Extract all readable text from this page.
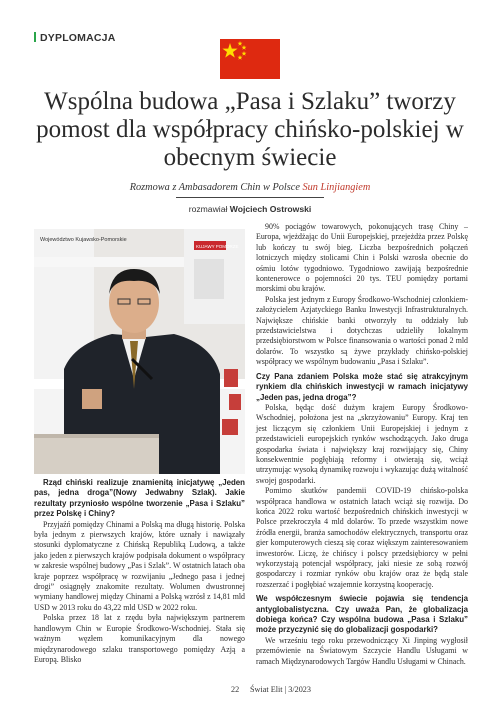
DYPLOMACJA
Wspólna budowa „Pasa i Szlaku” tworzy pomost dla współpracy chińsko-polskiej w obecnym świecie
Rozmowa z Ambasadorem Chin w Polsce Sun Linjiangiem
rozmawiał Wojciech Ostrowski
Województwo Kujawsko-Pomorskie
KUJAWY POMORZE

Rząd chiński realizuje znamienitą inicjatywę „Jeden pas, jedna droga”(Nowy Jedwabny Szlak). Jakie rezultaty przyniosło wspólne tworzenie „Pasa i Szlaku” przez Polskę i Chiny?

Przyjaźń pomiędzy Chinami a Polską ma długą historię. Polska była jednym z pierwszych krajów, które uznały i nawiązały stosunki dyplomatyczne z Chińską Republiką Ludową, a także jako jeden z pierwszych krajów podpisała dokument o współpracy w zakresie wspólnej budowy „Pas i Szlak”. W ostatnich latach oba kraje poprzez współpracę w rozwijaniu „Jednego pasa i jednej drogi” osiągnęły znakomite rezultaty. Wolumen dwustronnej wymiany handlowej między Chinami a Polską wzrósł z 14,81 mld USD w 2013 roku do 43,22 mld USD w 2022 roku.

Polska przez 18 lat z rzędu była największym partnerem handlowym Chin w Europie Środkowo-Wschodniej. Stała się ważnym węzłem komunikacyjnym dla nowego międzynarodowego szlaku transportowego pomiędzy Azją a Europą. Blisko

90% pociągów towarowych, pokonujących trasę Chiny – Europa, wjeżdżając do Unii Europejskiej, przejeżdża przez Polskę lub kończy tu swój bieg. Liczba bezpośrednich połączeń lotniczych między stolicami Chin i Polski wzrosła obecnie do ośmiu lotów tygodniowo. Tygodniowo zawijają bezpośrednie kontenerowce o pojemności 20 tys. TEU pomiędzy portami morskimi obu krajów.

Polska jest jednym z Europy Środkowo-Wschodniej członkiem-założycielem Azjatyckiego Banku Inwestycji Infrastrukturalnych. Największe chińskie banki otworzyły tu oddziały lub przedstawicielstwa i dotychczas udzieliły lokalnym przedsiębiorstwom w Polsce finansowania o wartości ponad 2 mld dolarów. To wszystko są żywe przykłady chińsko-polskiej współpracy we wspólnym budowaniu „Pasa i Szlaku”.

Czy Pana zdaniem Polska może stać się atrakcyjnym rynkiem dla chińskich inwestycji w ramach inicjatywy „Jeden pas, jedna droga”?

Polska, będąc dość dużym krajem Europy Środkowo-Wschodniej, położona jest na „skrzyżowaniu” Europy. Kraj ten jest liczącym się członkiem Unii Europejskiej i jednym z przedstawicieli europejskich rynków wschodzących. Jako druga gospodarka świata i największy kraj rozwijający się, Chiny konsekwentnie pogłębiają reformy i otwierają się, wciąż utrzymując wysoką dynamikę rozwoju i wykazując dużą witalność swojej gospodarki.

Pomimo skutków pandemii COVID-19 chińsko-polska współpraca handlowa w ostatnich latach wciąż się rozwija. Do końca 2022 roku wartość bezpośrednich chińskich inwestycji w Polsce przekroczyła 4 mld dolarów. To przede wszystkim nowe źródła energii, branża samochodów elektrycznych, transportu oraz gier komputerowych cieszą się coraz większym zainteresowaniem inwestorów. Liczę, że chińscy i polscy przedsiębiorcy w pełni wykorzystają potencjał współpracy, jaki niesie ze sobą rozwój gospodarczy i rozmiar rynków obu krajów oraz że będą stale rozszerzać i pogłębiać wzajemnie korzystną kooperację.

We współczesnym świecie pojawia się tendencja antyglobalistyczna. Czy uważa Pan, że globalizacja dobiega końca? Czy wspólna budowa „Pasa i Szlaku” może przyczynić się do globalizacji gospodarki?

We wrześniu tego roku przewodniczący Xi Jinping wygłosił przemówienie na Światowym Szczycie Handlu Usługami w ramach Międzynarodowych Targów Handlu Usługami w Chinach.

22 Świat Elit | 3/2023
